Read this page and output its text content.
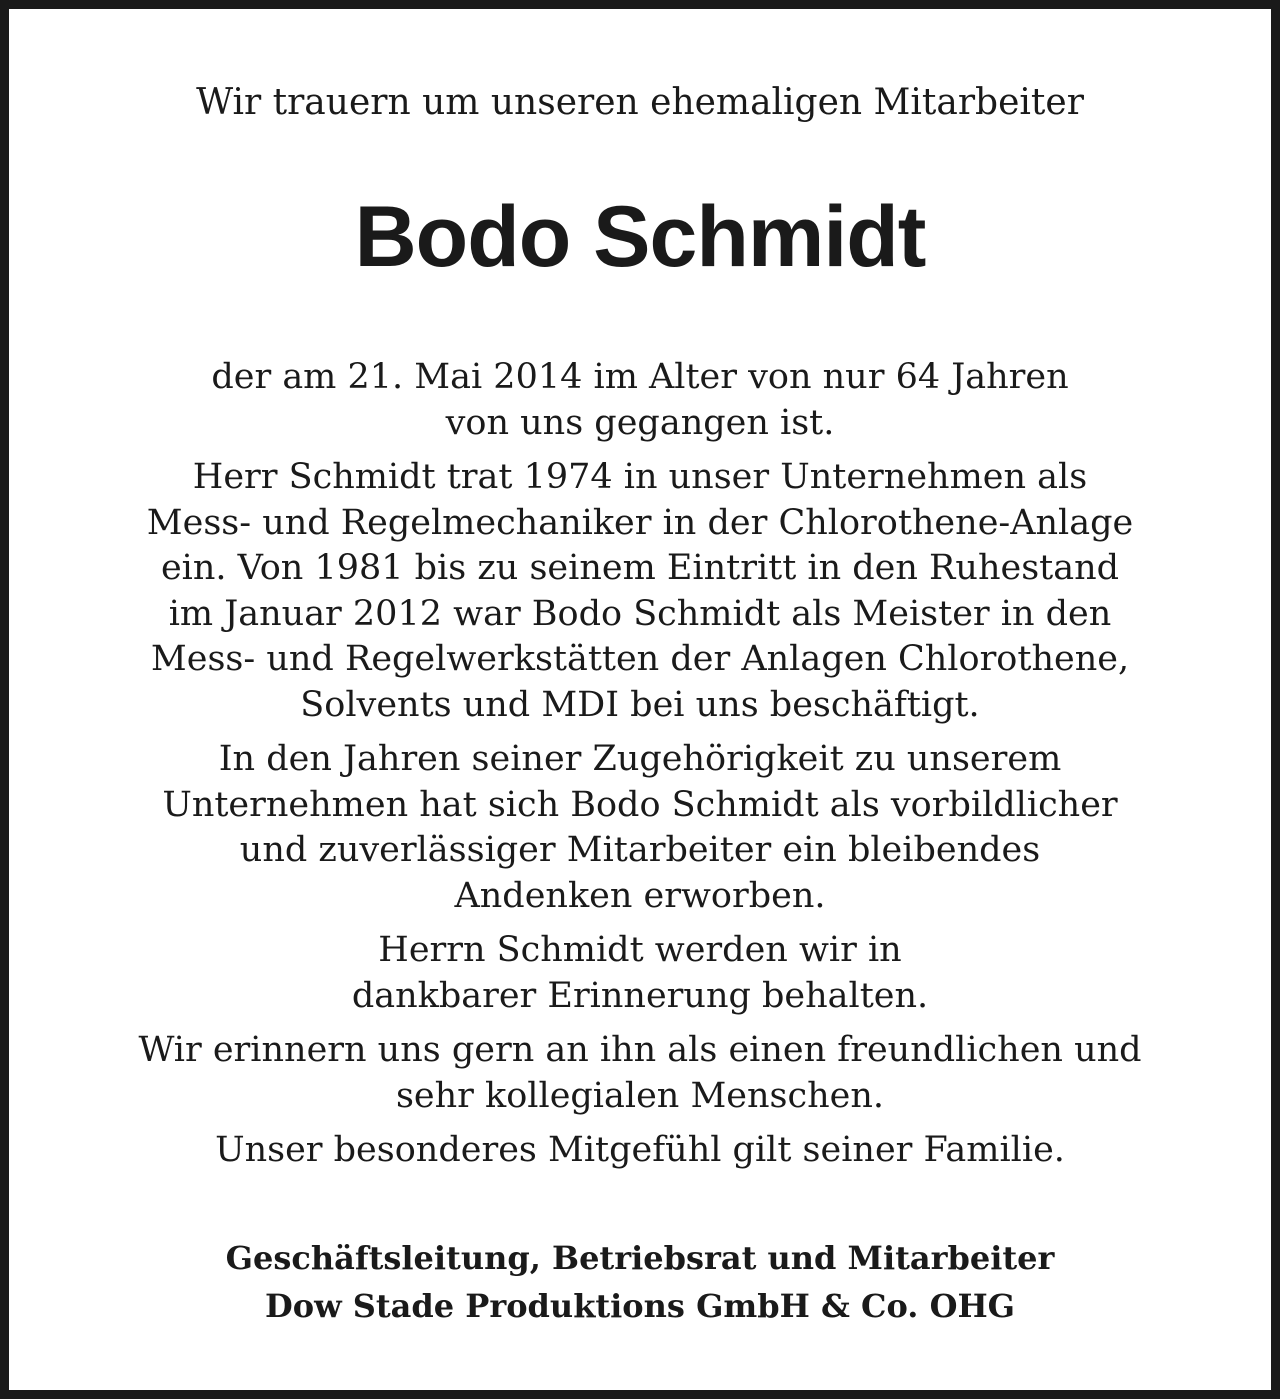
Wir trauern um unseren ehemaligen Mitarbeiter

Bodo Schmidt

der am 21. Mai 2014 im Alter von nur 64 Jahren
von uns gegangen ist.

Herr Schmidt trat 1974 in unser Unternehmen als
Mess- und Regelmechaniker in der Chlorothene-Anlage
ein. Von 1981 bis zu seinem Eintritt in den Ruhestand
im Januar 2012 war Bodo Schmidt als Meister in den
Mess- und Regelwerkstätten der Anlagen Chlorothene,
Solvents und MDI bei uns beschäftigt.

In den Jahren seiner Zugehörigkeit zu unserem
Unternehmen hat sich Bodo Schmidt als vorbildlicher
und zuverlässiger Mitarbeiter ein bleibendes
Andenken erworben.

Herrn Schmidt werden wir in
dankbarer Erinnerung behalten.

Wir erinnern uns gern an ihn als einen freundlichen und
sehr kollegialen Menschen.

Unser besonderes Mitgefühl gilt seiner Familie.

Geschäftsleitung, Betriebsrat und Mitarbeiter

Dow Stade Produktions GmbH & Co. OHG
